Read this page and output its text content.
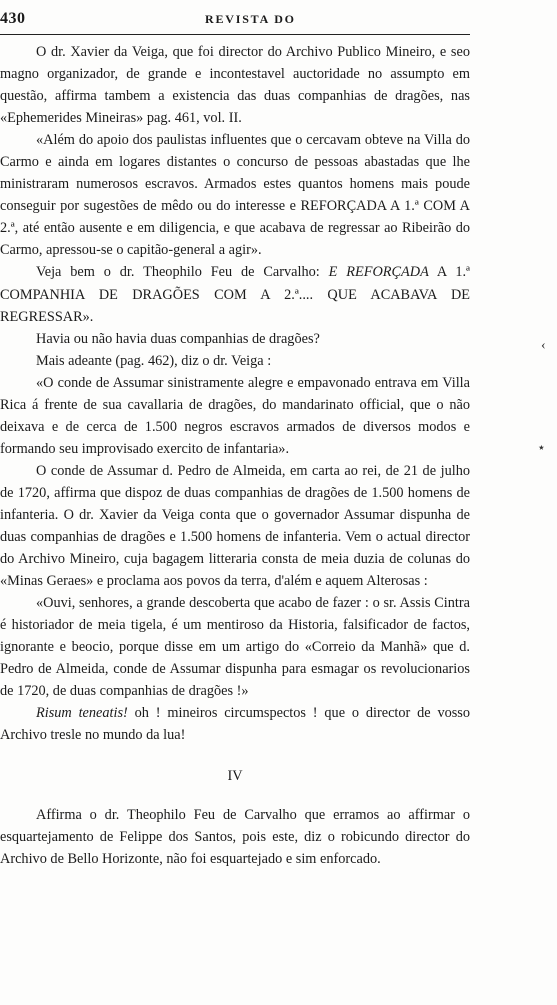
430	REVISTA DO

O dr. Xavier da Veiga, que foi director do Archivo Publico Mineiro, e seo magno organizador, de grande e incontestavel auctoridade no assumpto em questão, affirma tambem a existencia das duas companhias de dragões, nas «Ephemerides Mineiras» pag. 461, vol. II.

«Além do apoio dos paulistas influentes que o cercavam obteve na Villa do Carmo e ainda em logares distantes o concurso de pessoas abastadas que lhe ministraram numerosos escravos. Armados estes quantos homens mais poude conseguir por sugestões de mêdo ou do interesse e REFORÇADA A 1.ª COM A 2.ª, até então ausente e em diligencia, e que acabava de regressar ao Ribeirão do Carmo, apressou-se o capitão-general a agir».

Veja bem o dr. Theophilo Feu de Carvalho: E REFORÇADA A 1.ª COMPANHIA DE DRAGÕES COM A 2.ª.... QUE ACABAVA DE REGRESSAR».

Havia ou não havia duas companhias de dragões?

Mais adeante (pag. 462), diz o dr. Veiga :

«O conde de Assumar sinistramente alegre e empavonado entrava em Villa Rica á frente de sua cavallaria de dragões, do mandarinato official, que o não deixava e de cerca de 1.500 negros escravos armados de diversos modos e formando seu improvisado exercito de infantaria».

O conde de Assumar d. Pedro de Almeida, em carta ao rei, de 21 de julho de 1720, affirma que dispoz de duas companhias de dragões de 1.500 homens de infanteria. O dr. Xavier da Veiga conta que o governador Assumar dispunha de duas companhias de dragões e 1.500 homens de infanteria. Vem o actual director do Archivo Mineiro, cuja bagagem litteraria consta de meia duzia de colunas do «Minas Geraes» e proclama aos povos da terra, d'além e aquem Alterosas :

«Ouvi, senhores, a grande descoberta que acabo de fazer : o sr. Assis Cintra é historiador de meia tigela, é um mentiroso da Historia, falsificador de factos, ignorante e beocio, porque disse em um artigo do «Correio da Manhã» que d. Pedro de Almeida, conde de Assumar dispunha para esmagar os revolucionarios de 1720, de duas companhias de dragões !»

Risum teneatis! oh ! mineiros circumspectos ! que o director de vosso Archivo tresle no mundo da lua!

IV

Affirma o dr. Theophilo Feu de Carvalho que erramos ao affirmar o esquartejamento de Felippe dos Santos, pois este, diz o robicundo director do Archivo de Bello Horizonte, não foi esquartejado e sim enforcado.

‹
⋆
